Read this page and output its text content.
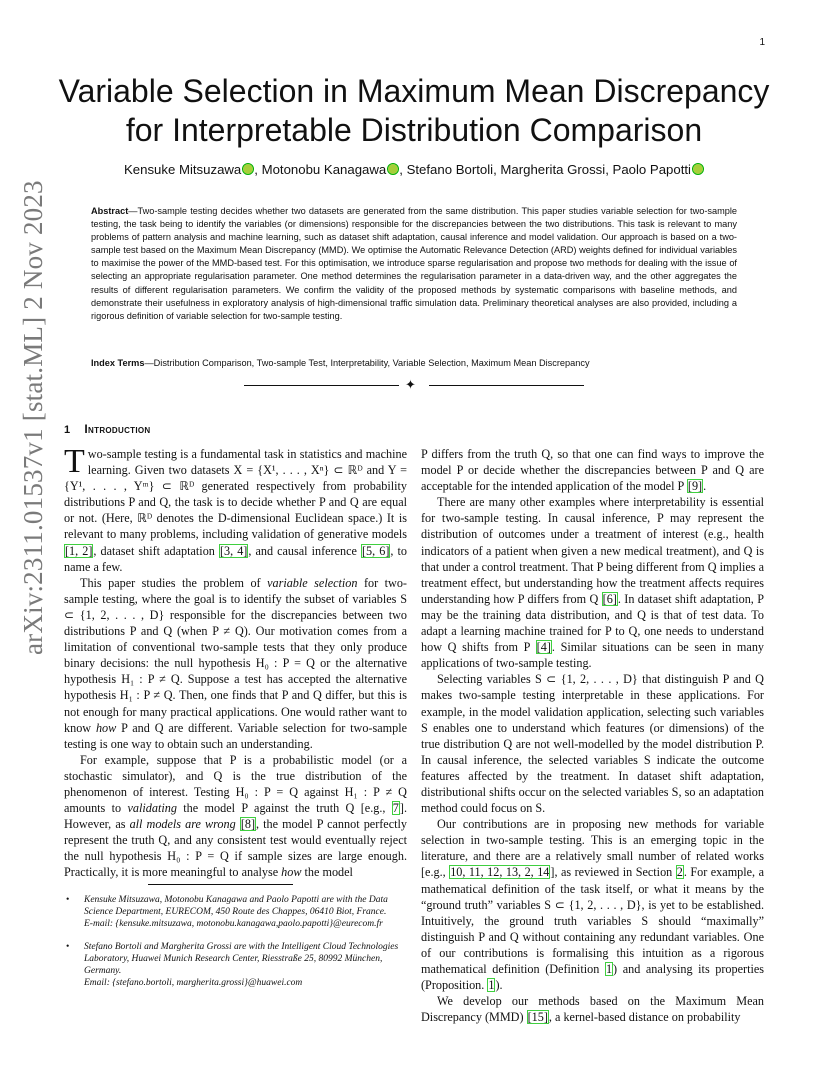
1
arXiv:2311.01537v1 [stat.ML] 2 Nov 2023
Variable Selection in Maximum Mean Discrepancy
for Interpretable Distribution Comparison
Kensuke Mitsuzawa , Motonobu Kanagawa , Stefano Bortoli, Margherita Grossi, Paolo Papotti
Abstract—Two-sample testing decides whether two datasets are generated from the same distribution. This paper studies variable selection for two-sample testing, the task being to identify the variables (or dimensions) responsible for the discrepancies between the two distributions. This task is relevant to many problems of pattern analysis and machine learning, such as dataset shift adaptation, causal inference and model validation. Our approach is based on a two-sample test based on the Maximum Mean Discrepancy (MMD). We optimise the Automatic Relevance Detection (ARD) weights defined for individual variables to maximise the power of the MMD-based test. For this optimisation, we introduce sparse regularisation and propose two methods for dealing with the issue of selecting an appropriate regularisation parameter. One method determines the regularisation parameter in a data-driven way, and the other aggregates the results of different regularisation parameters. We confirm the validity of the proposed methods by systematic comparisons with baseline methods, and demonstrate their usefulness in exploratory analysis of high-dimensional traffic simulation data. Preliminary theoretical analyses are also provided, including a rigorous definition of variable selection for two-sample testing.
Index Terms—Distribution Comparison, Two-sample Test, Interpretability, Variable Selection, Maximum Mean Discrepancy
✦
1 Introduction

Two-sample testing is a fundamental task in statistics and machine learning. Given two datasets X = {X¹, . . . , Xⁿ} ⊂ ℝᴰ and Y = {Y¹, . . . , Yᵐ} ⊂ ℝᴰ generated respectively from probability distributions P and Q, the task is to decide whether P and Q are equal or not. (Here, ℝᴰ denotes the D-dimensional Euclidean space.) It is relevant to many problems, including validation of generative models [1, 2], dataset shift adaptation [3, 4], and causal inference [5, 6], to name a few.

This paper studies the problem of variable selection for two-sample testing, where the goal is to identify the subset of variables S ⊂ {1, 2, . . . , D} responsible for the discrepancies between two distributions P and Q (when P ≠ Q). Our motivation comes from a limitation of conventional two-sample tests that they only produce binary decisions: the null hypothesis H₀ : P = Q or the alternative hypothesis H₁ : P ≠ Q. Suppose a test has accepted the alternative hypothesis H₁ : P ≠ Q. Then, one finds that P and Q differ, but this is not enough for many practical applications. One would rather want to know how P and Q are different. Variable selection for two-sample testing is one way to obtain such an understanding.

For example, suppose that P is a probabilistic model (or a stochastic simulator), and Q is the true distribution of the phenomenon of interest. Testing H₀ : P = Q against H₁ : P ≠ Q amounts to validating the model P against the truth Q [e.g., 7]. However, as all models are wrong [8], the model P cannot perfectly represent the truth Q, and any consistent test would eventually reject the null hypothesis H₀ : P = Q if sample sizes are large enough. Practically, it is more meaningful to analyse how the model

P differs from the truth Q, so that one can find ways to improve the model P or decide whether the discrepancies between P and Q are acceptable for the intended application of the model P [9].

There are many other examples where interpretability is essential for two-sample testing. In causal inference, P may represent the distribution of outcomes under a treatment of interest (e.g., health indicators of a patient when given a new medical treatment), and Q is that under a control treatment. That P being different from Q implies a treatment effect, but understanding how the treatment affects requires understanding how P differs from Q [6]. In dataset shift adaptation, P may be the training data distribution, and Q is that of test data. To adapt a learning machine trained for P to Q, one needs to understand how Q shifts from P [4]. Similar situations can be seen in many applications of two-sample testing.

Selecting variables S ⊂ {1, 2, . . . , D} that distinguish P and Q makes two-sample testing interpretable in these applications. For example, in the model validation application, selecting such variables S enables one to understand which features (or dimensions) of the true distribution Q are not well-modelled by the model distribution P. In causal inference, the selected variables S indicate the outcome features affected by the treatment. In dataset shift adaptation, distributional shifts occur on the selected variables S, so an adaptation method could focus on S.

Our contributions are in proposing new methods for variable selection in two-sample testing. This is an emerging topic in the literature, and there are a relatively small number of related works [e.g., 10, 11, 12, 13, 2, 14], as reviewed in Section 2. For example, a mathematical definition of the task itself, or what it means by the “ground truth” variables S ⊂ {1, 2, . . . , D}, is yet to be established. Intuitively, the ground truth variables S should “maximally” distinguish P and Q without containing any redundant variables. One of our contributions is formalising this intuition as a rigorous mathematical definition (Definition 1) and analysing its properties (Proposition. 1).

We develop our methods based on the Maximum Mean Discrepancy (MMD) [15], a kernel-based distance on probability

• Kensuke Mitsuzawa, Motonobu Kanagawa and Paolo Papotti are with the Data Science Department, EURECOM, 450 Route des Chappes, 06410 Biot, France.
E-mail: {kensuke.mitsuzawa, motonobu.kanagawa,paolo.papotti}@eurecom.fr
• Stefano Bortoli and Margherita Grossi are with the Intelligent Cloud Technologies Laboratory, Huawei Munich Research Center, Riesstraße 25, 80992 München, Germany.
Email: {stefano.bortoli, margherita.grossi}@huawei.com
